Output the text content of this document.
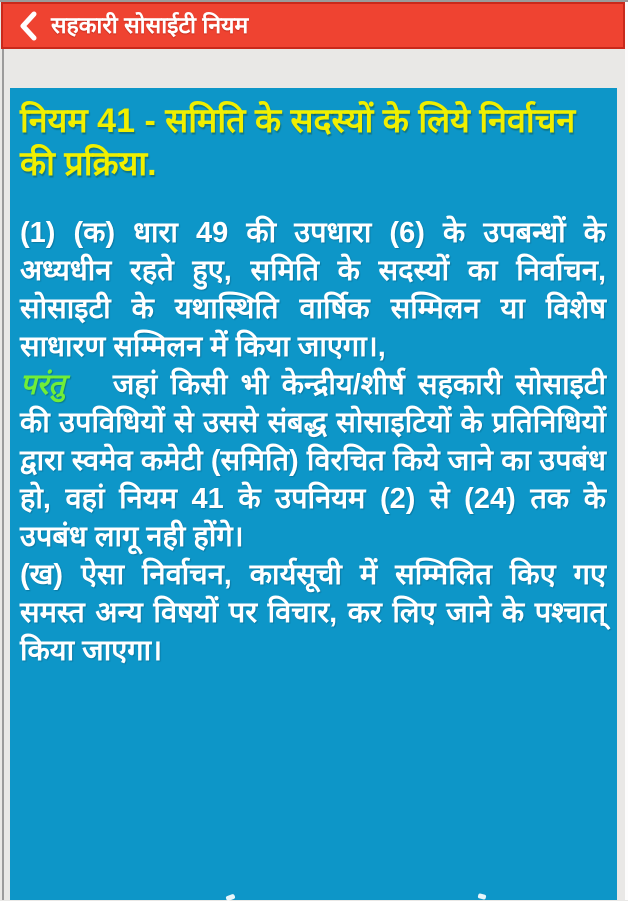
सहकारी सोसाईटी नियम
नियम 41 - समिति के सदस्यों के लिये निर्वाचन की प्रक्रिया.

(1) (क) धारा 49 की उपधारा (6) के उपबन्धों के अध्यधीन रहते हुए, समिति के सदस्यों का निर्वाचन, सोसाइटी के यथास्थिति वार्षिक सम्मिलन या विशेष साधारण सम्मिलन में किया जाएगा।,

परंतु जहां किसी भी केन्द्रीय/शीर्ष सहकारी सोसाइटी की उपविधियों से उससे संबद्ध सोसाइटियों के प्रतिनिधियों द्वारा स्वमेव कमेटी (समिति) विरचित किये जाने का उपबंध हो, वहां नियम 41 के उपनियम (2) से (24) तक के उपबंध लागू नही होंगे।

(ख) ऐसा निर्वाचन, कार्यसूची में सम्मिलित किए गए समस्त अन्य विषयों पर विचार, कर लिए जाने के पश्चात् किया जाएगा।
